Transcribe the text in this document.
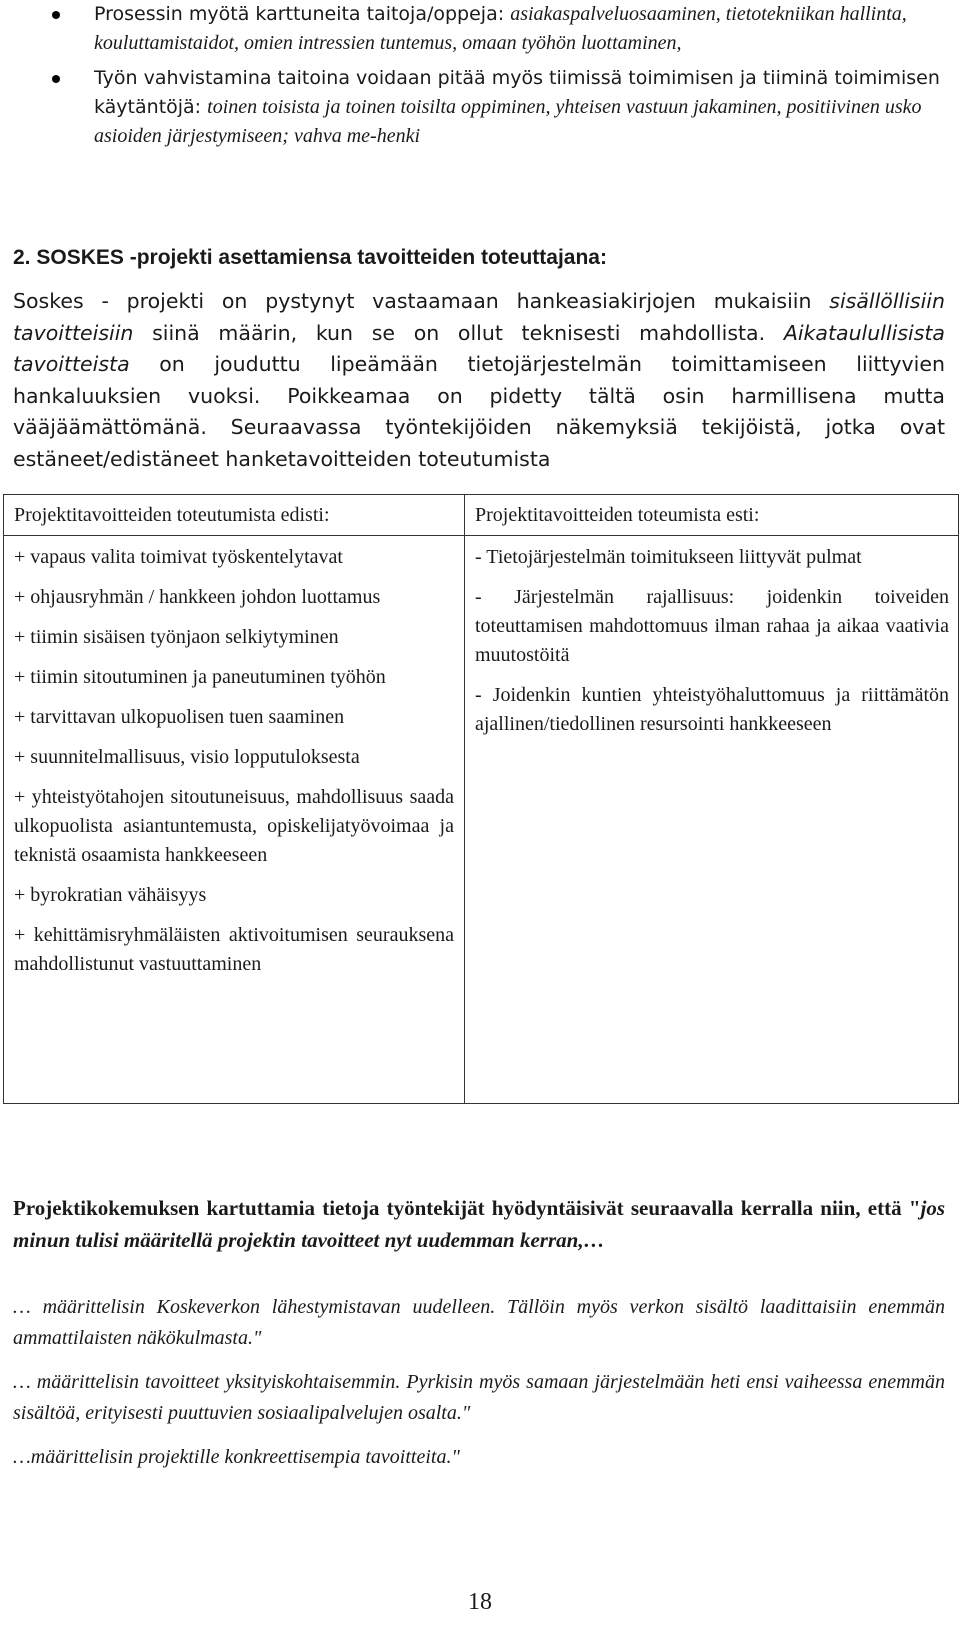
Prosessin myötä karttuneita taitoja/oppeja: asiakaspalveluosaaminen, tietotekniikan hallinta, kouluttamistaidot, omien intressien tuntemus, omaan työhön luottaminen,
Työn vahvistamina taitoina voidaan pitää myös tiimissä toimimisen ja tiiminä toimimisen käytäntöjä: toinen toisista ja toinen toisilta oppiminen, yhteisen vastuun jakaminen, positiivinen usko asioiden järjestymiseen; vahva me-henki
2. SOSKES -projekti asettamiensa tavoitteiden toteuttajana:

Soskes - projekti on pystynyt vastaamaan hankeasiakirjojen mukaisiin sisällöllisiin tavoitteisiin siinä määrin, kun se on ollut teknisesti mahdollista. Aikataulullisista tavoitteista on jouduttu lipeämään tietojärjestelmän toimittamiseen liittyvien hankaluuksien vuoksi. Poikkeamaa on pidetty tältä osin harmillisena mutta vääjäämättömänä. Seuraavassa työntekijöiden näkemyksiä tekijöistä, jotka ovat estäneet/edistäneet hanketavoitteiden toteutumista

Projektitavoitteiden toteutumista edisti:

+ vapaus valita toimivat työskentelytavat
+ ohjausryhmän / hankkeen johdon luottamus
+ tiimin sisäisen työnjaon selkiytyminen
+ tiimin sitoutuminen ja paneutuminen työhön
+ tarvittavan ulkopuolisen tuen saaminen
+ suunnitelmallisuus, visio lopputuloksesta
+ yhteistyötahojen sitoutuneisuus, mahdollisuus saada ulkopuolista asiantuntemusta, opiskelijatyövoimaa ja teknistä osaamista hankkeeseen
+ byrokratian vähäisyys
+ kehittämisryhmäläisten aktivoitumisen seurauksena mahdollistunut vastuuttaminen

Projektitavoitteiden toteumista esti:

- Tietojärjestelmän toimitukseen liittyvät pulmat
- Järjestelmän rajallisuus: joidenkin toiveiden toteuttamisen mahdottomuus ilman rahaa ja aikaa vaativia muutostöitä
- Joidenkin kuntien yhteistyöhaluttomuus ja riittämätön ajallinen/tiedollinen resursointi hankkeeseen

Projektikokemuksen kartuttamia tietoja työntekijät hyödyntäisivät seuraavalla kerralla niin, että "jos minun tulisi määritellä projektin tavoitteet nyt uudemman kerran,…

… määrittelisin Koskeverkon lähestymistavan uudelleen. Tällöin myös verkon sisältö laadittaisiin enemmän ammattilaisten näkökulmasta."
… määrittelisin tavoitteet yksityiskohtaisemmin. Pyrkisin myös samaan järjestelmään heti ensi vaiheessa enemmän sisältöä, erityisesti puuttuvien sosiaalipalvelujen osalta."
…määrittelisin projektille konkreettisempia tavoitteita."
18
